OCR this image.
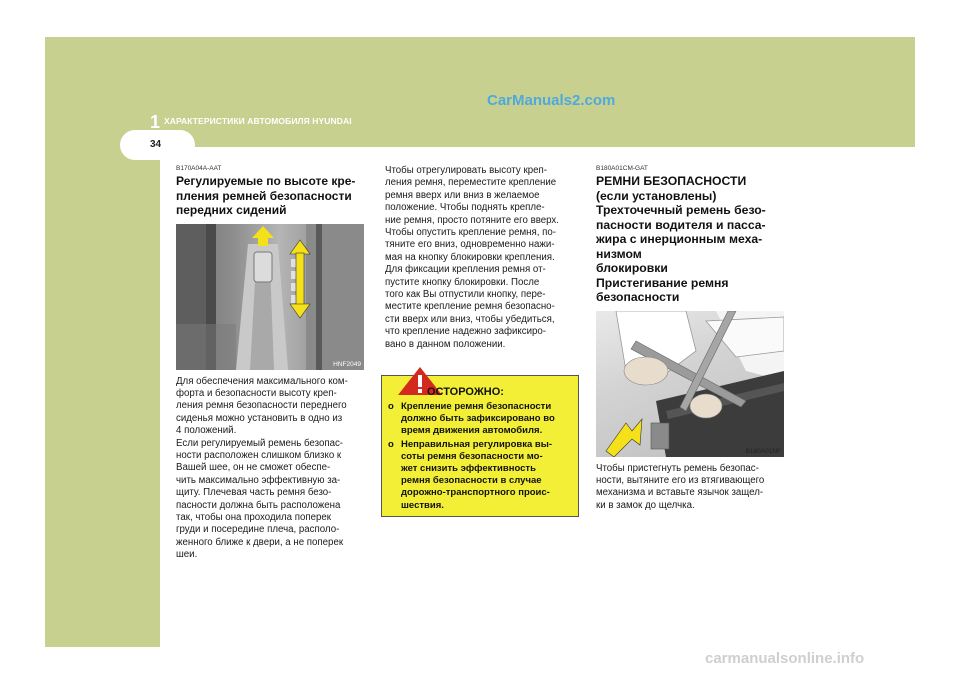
1 ХАРАКТЕРИСТИКИ АВТОМОБИЛЯ HYUNDAI
34
CarManuals2.com
B170A04A-AAT
Регулируемые по высоте кре-
пления ремней безопасности
передних сидений
HNF2049
Для обеспечения максимального ком-
форта и безопасности высоту креп-
ления ремня безопасности переднего
сиденья можно установить в одно из
4 положений.
Если регулируемый ремень безопас-
ности расположен слишком близко к
Вашей шее, он не сможет обеспе-
чить максимально эффективную за-
щиту. Плечевая часть ремня безо-
пасности должна быть расположена
так, чтобы она проходила поперек
груди и посередине плеча, располо-
женного ближе к двери, а не поперек
шеи.
Чтобы отрегулировать высоту креп-
ления ремня, переместите крепление
ремня вверх или вниз в желаемое
положение. Чтобы поднять крепле-
ние ремня, просто потяните его вверх.
Чтобы опустить крепление ремня, по-
тяните его вниз, одновременно нажи-
мая на кнопку блокировки крепления.
Для фиксации крепления ремня от-
пустите кнопку блокировки. После
того как Вы отпустили кнопку, пере-
местите крепление ремня безопасно-
сти вверх или вниз, чтобы убедиться,
что крепление надежно зафиксиро-
вано в данном положении.
ОСТОРОЖНО:
o Крепление ремня безопасности
должно быть зафиксировано во
время движения автомобиля.
o Неправильная регулировка вы-
соты ремня безопасности мо-
жет снизить эффективность
ремня безопасности в случае
дорожно-транспортного проис-
шествия.
B180A01CM-GAT
РЕМНИ БЕЗОПАСНОСТИ
(если установлены)
Трехточечный ремень безо-
пасности водителя и пасса-
жира с инерционным меха-
низмом
блокировки
Пристегивание ремня
безопасности
B180A01NF
Чтобы пристегнуть ремень безопас-
ности, вытяните его из втягивающего
механизма и вставьте язычок защел-
ки в замок до щелчка.
carmanualsonline.info
